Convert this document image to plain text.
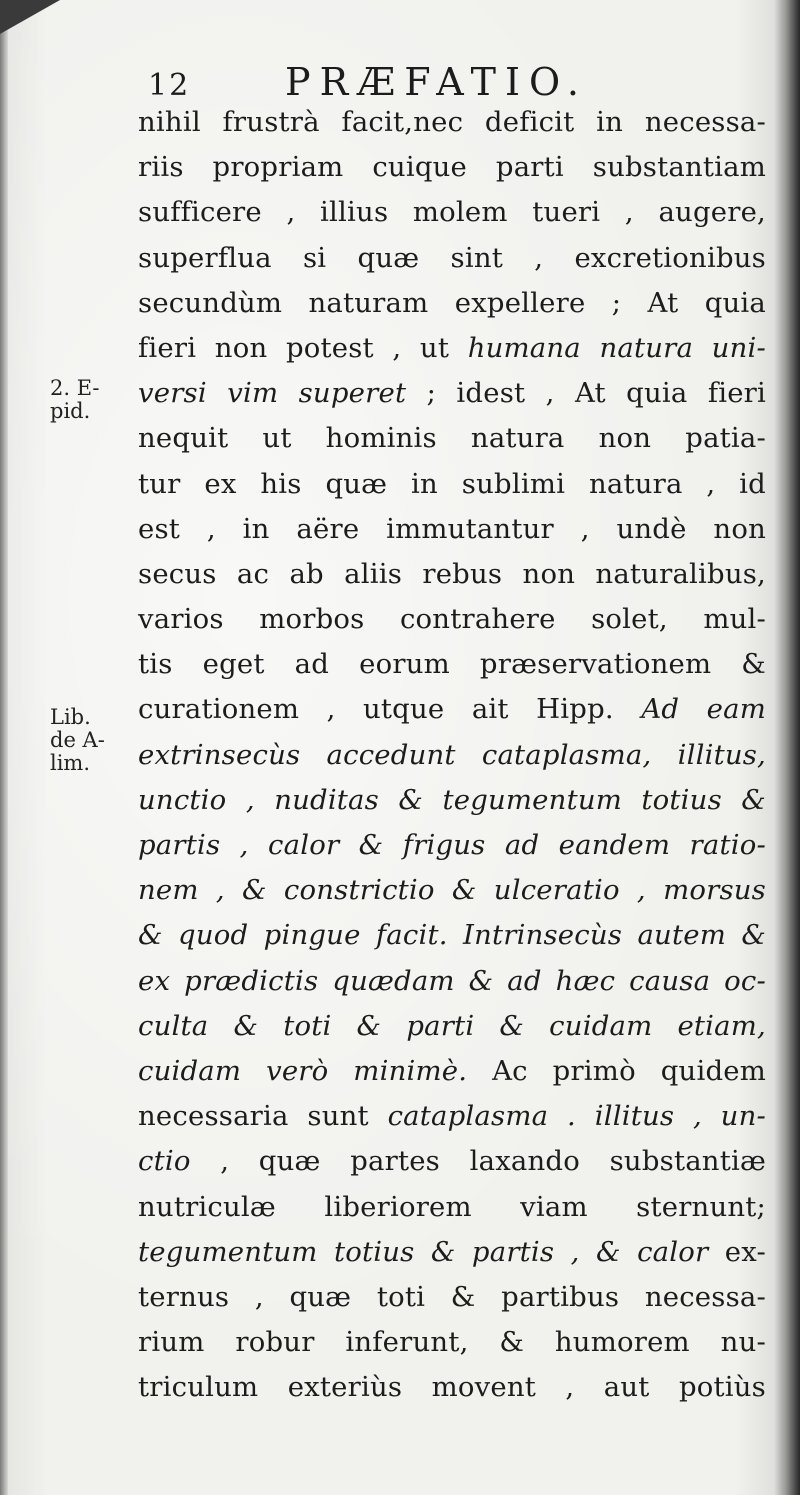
12 PRÆFATIO.
2. E-
pid.
Lib.
de A-
lim.
nihil frustrà facit,nec deficit in necessa-
riis propriam cuique parti substantiam
sufficere , illius molem tueri , augere,
superflua si quæ sint , excretionibus
secundùm naturam expellere ; At quia
fieri non potest , ut humana natura uni-
versi vim superet ; idest , At quia fieri
nequit ut hominis natura non patia-
tur ex his quæ in sublimi natura , id
est , in aëre immutantur , undè non
secus ac ab aliis rebus non naturalibus,
varios morbos contrahere solet, mul-
tis eget ad eorum præservationem &
curationem , utque ait Hipp. Ad eam
extrinsecùs accedunt cataplasma, illitus,
unctio , nuditas & tegumentum totius &
partis , calor & frigus ad eandem ratio-
nem , & constrictio & ulceratio , morsus
& quod pingue facit. Intrinsecùs autem &
ex prædictis quædam & ad hæc causa oc-
culta & toti & parti & cuidam etiam,
cuidam verò minimè. Ac primò quidem
necessaria sunt cataplasma . illitus , un-
ctio , quæ partes laxando substantiæ
nutriculæ liberiorem viam sternunt;
tegumentum totius & partis , & calor ex-
ternus , quæ toti & partibus necessa-
rium robur inferunt, & humorem nu-
triculum exteriùs movent , aut potiùs
